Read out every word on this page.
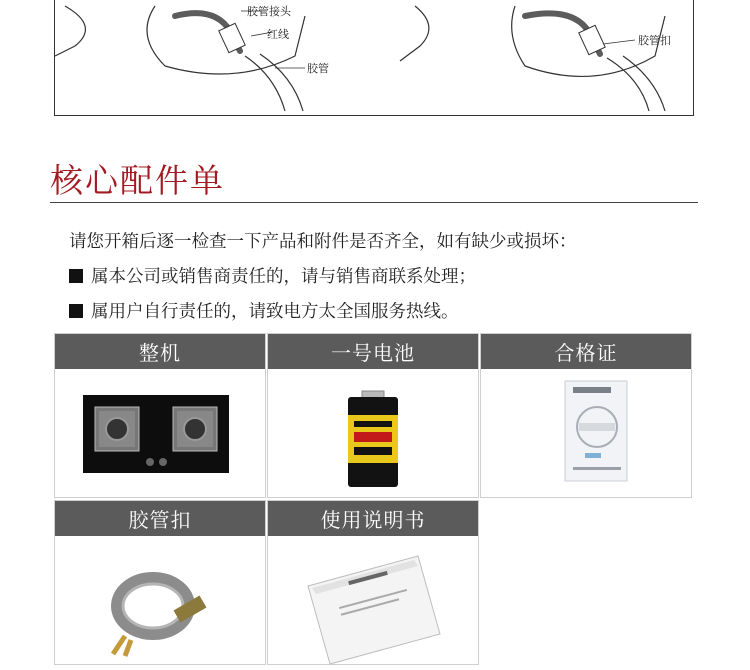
胶管接头
红线
胶管
胶管扣
核心配件单
请您开箱后逐一检查一下产品和附件是否齐全，如有缺少或损坏：
属本公司或销售商责任的，请与销售商联系处理；
属用户自行责任的，请致电方太全国服务热线。
整机	一号电池	合格证
胶管扣	使用说明书
